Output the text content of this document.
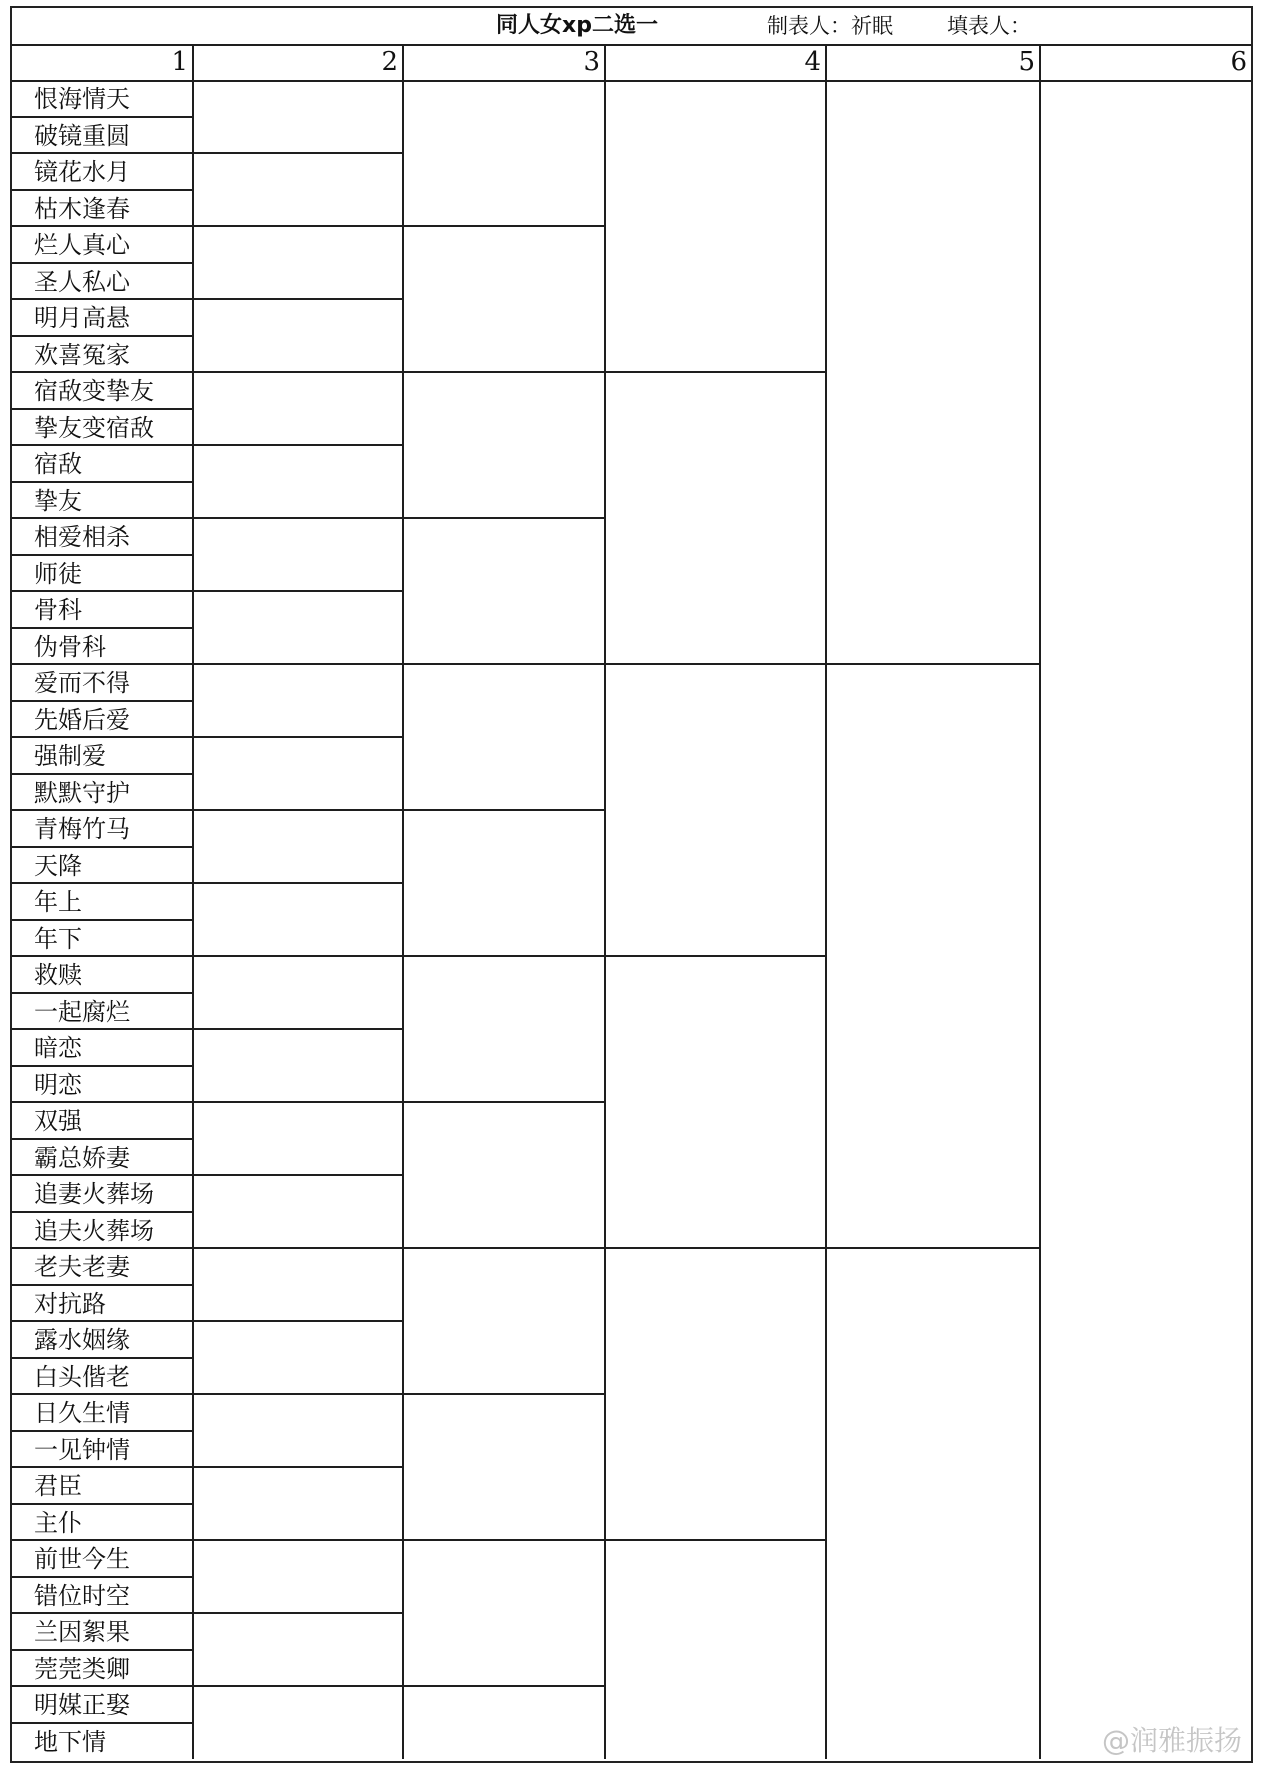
同人女xp二选一	制表人：祈眠	填表人：
1	2	3	4	5	6
恨海情天
破镜重圆
镜花水月
枯木逢春
烂人真心
圣人私心
明月高悬
欢喜冤家
宿敌变挚友
挚友变宿敌
宿敌
挚友
相爱相杀
师徒
骨科
伪骨科
爱而不得
先婚后爱
强制爱
默默守护
青梅竹马
天降
年上
年下
救赎
一起腐烂
暗恋
明恋
双强
霸总娇妻
追妻火葬场
追夫火葬场
老夫老妻
对抗路
露水姻缘
白头偕老
日久生情
一见钟情
君臣
主仆
前世今生
错位时空
兰因絮果
莞莞类卿
明媒正娶
地下情	@润雅振扬
